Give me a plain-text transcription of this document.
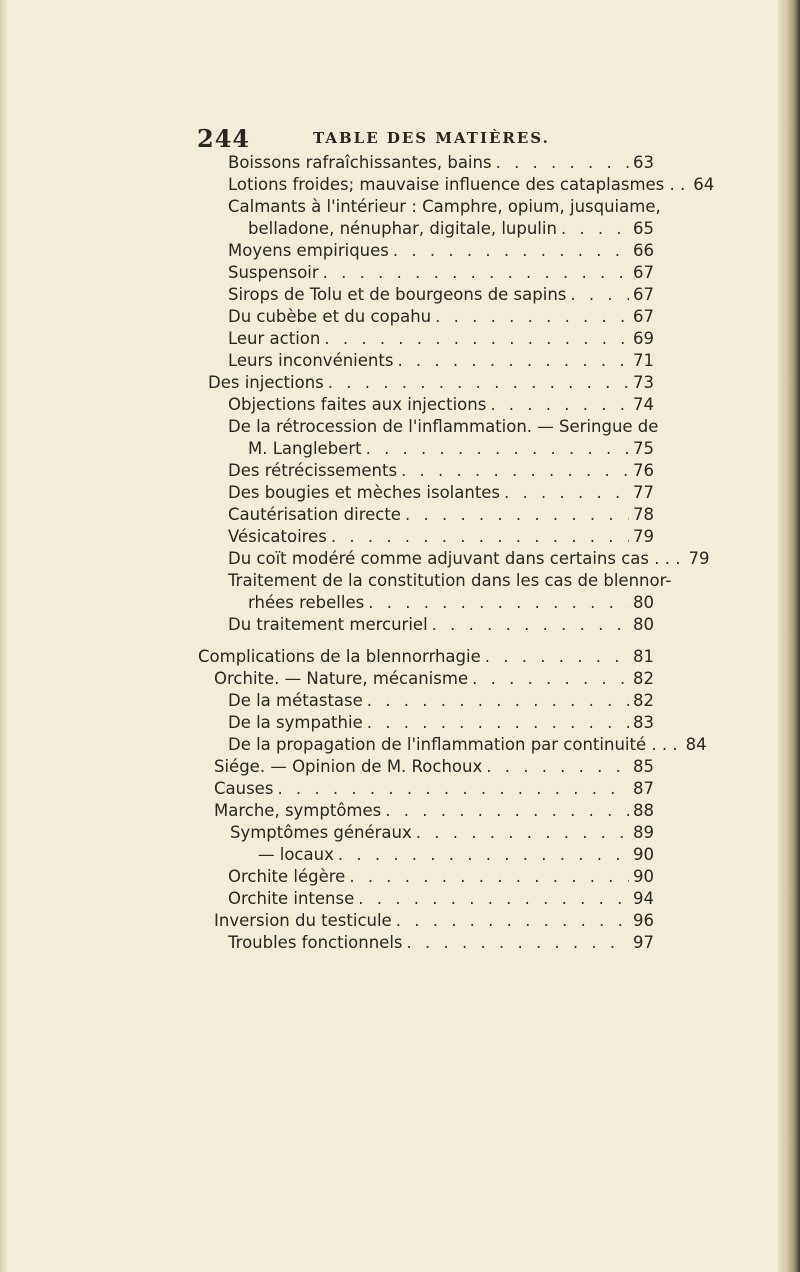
244	TABLE DES MATIÈRES.
Boissons rafraîchissantes, bains . . .	63
Lotions froides; mauvaise influence des cataplasmes . . 64
Calmants à l'intérieur : Camphre, opium, jusquiame,
belladone, nénuphar, digitale, lupulin . . .	65
Moyens empiriques . . .	66
Suspensoir . . .	67
Sirops de Tolu et de bourgeons de sapins . . .	67
Du cubèbe et du copahu . . .	67
Leur action . . .	69
Leurs inconvénients . . .	71
Des injections . . .	73
Objections faites aux injections . . .	74
De la rétrocession de l'inflammation. — Seringue de
M. Langlebert . . .	75
Des rétrécissements . . .	76
Des bougies et mèches isolantes . . .	77
Cautérisation directe . . .	78
Vésicatoires . . .	79
Du coït modéré comme adjuvant dans certains cas . . . 79
Traitement de la constitution dans les cas de blennor-
rhées rebelles . . .	80
Du traitement mercuriel . . .	80
Complications de la blennorrhagie . . .	81
Orchite. — Nature, mécanisme . . .	82
De la métastase . . .	82
De la sympathie . . .	83
De la propagation de l'inflammation par continuité . . . 84
Siége. — Opinion de M. Rochoux . . .	85
Causes . . .	87
Marche, symptômes . . .	88
Symptômes généraux . . .	89
— locaux . . .	90
Orchite légère . . .	90
Orchite intense . . .	94
Inversion du testicule . . .	96
Troubles fonctionnels . . .	97
